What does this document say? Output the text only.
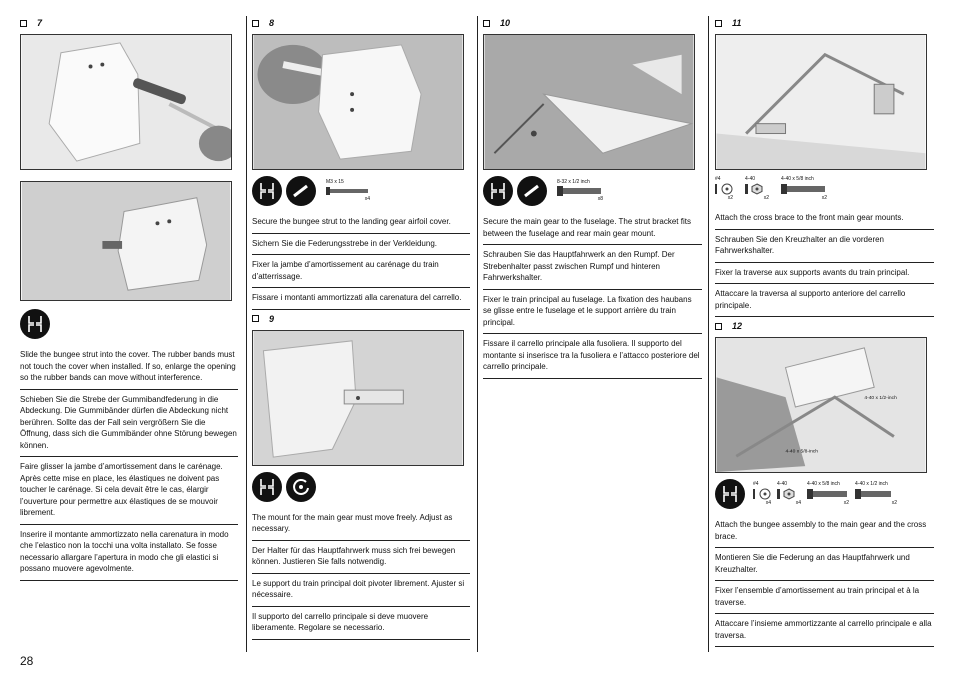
7
Slide the bungee strut into the cover. The rubber bands must not touch the cover when installed. If so, enlarge the opening so the rubber bands can move without interference.
Schieben Sie die Strebe der Gummibandfederung in die Abdeckung. Die Gummibänder dürfen die Abdeckung nicht berühren. Sollte das der Fall sein vergrößern Sie die Öffnung, dass sich die Gummibänder ohne Störung bewegen können.
Faire glisser la jambe d’amortissement dans le carénage. Après cette mise en place, les élastiques ne doivent pas toucher le carénage. Si cela devait être le cas, élargir l’ouverture pour permettre aux élastiques de se mouvoir librement.
Inserire il montante ammortizzato nella carenatura in modo che l’elastico non la tocchi una volta installato. Se fosse necessario allargare l’apertura in modo che gli elastici si possano muovere agevolmente.
8
M3 x 15
x4
Secure the bungee strut to the landing gear airfoil cover.
Sichern Sie die Federungsstrebe in der Verkleidung.
Fixer la jambe d’amortissement au carénage du train d’atterrissage.
Fissare i montanti ammortizzati alla carenatura del carrello.
9
The mount for the main gear must move freely. Adjust as necessary.
Der Halter für das Hauptfahrwerk muss sich frei bewegen können. Justieren Sie falls notwendig.
Le support du train principal doit pivoter librement. Ajuster si nécessaire.
Il supporto del carrello principale si deve muovere liberamente. Regolare se necessario.
10
8-32 x 1/2 inch
x8
Secure the main gear to the fuselage. The strut bracket fits between the fuselage and rear main gear mount.
Schrauben Sie das Hauptfahrwerk an den Rumpf. Der Strebenhalter passt zwischen Rumpf und hinteren Fahrwerkshalter.
Fixer le train principal au fuselage. La fixation des haubans se glisse entre le fuselage et le support arrière du train principal.
Fissare il carrello principale alla fusoliera. Il supporto del montante si inserisce tra la fusoliera e l’attacco posteriore del carrello principale.
11
#4
x2
4-40
x2
4-40 x 5/8 inch
x2
Attach the cross brace to the front main gear mounts.
Schrauben Sie den Kreuzhalter an die vorderen Fahrwerkshalter.
Fixer la traverse aux supports avants du train principal.
Attaccare la traversa al supporto anteriore del carrello principale.
12
4-40 x 1/2-inch
4-40 x 5/8-inch
#4
x4
4-40
x4
4-40 x 5/8 inch
x2
4-40 x 1/2 inch
x2
Attach the bungee assembly to the main gear and the cross brace.
Montieren Sie die Federung an das Hauptfahrwerk und Kreuzhalter.
Fixer l’ensemble d’amortissement au train principal et à la traverse.
Attaccare l’insieme ammortizzante al carrello principale e alla traversa.
28
